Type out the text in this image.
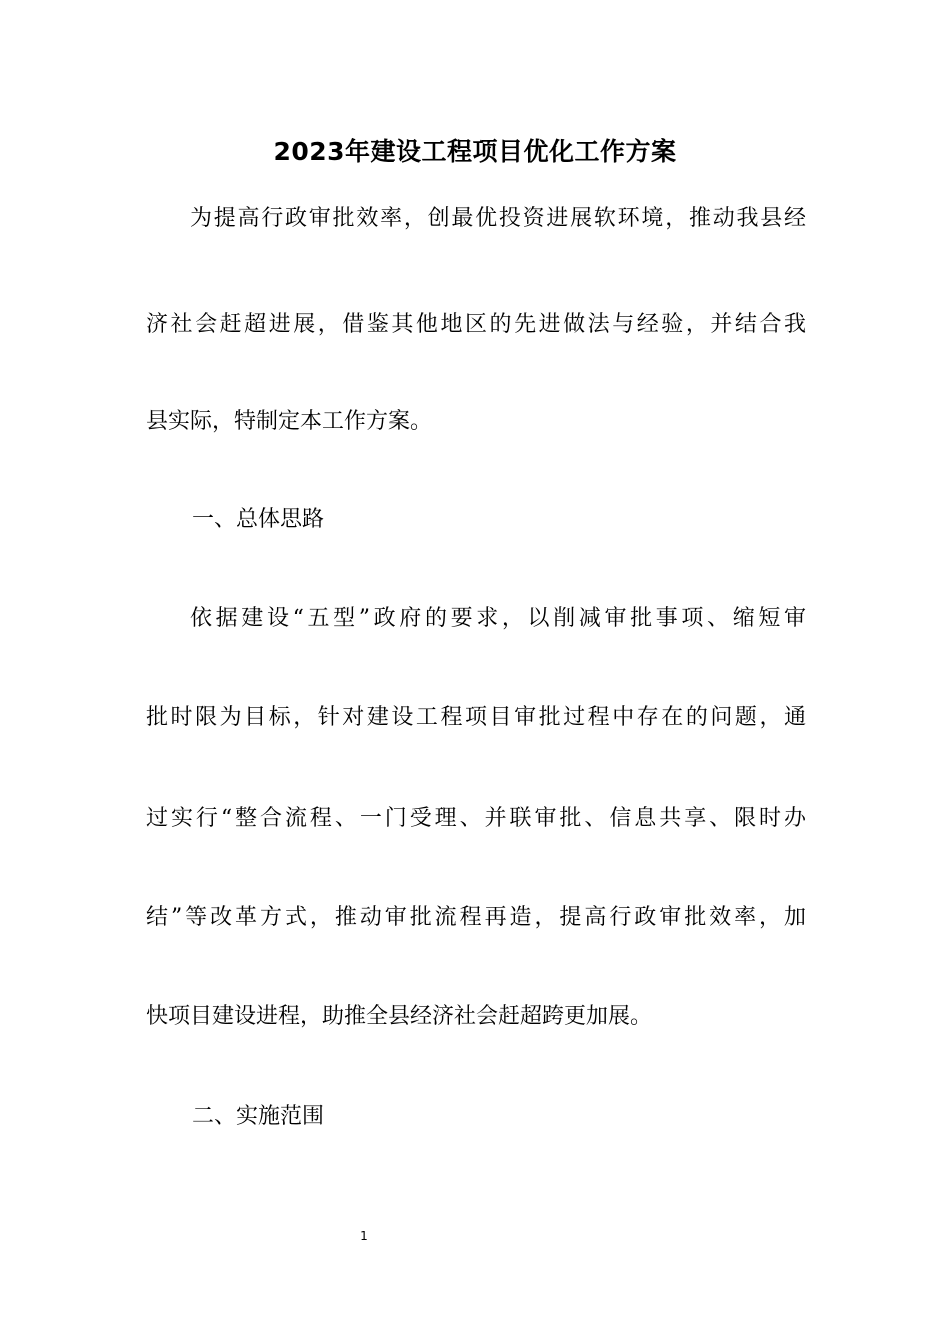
2023年建设工程项目优化工作方案

为提高行政审批效率，创最优投资进展软环境，推动我县经

济社会赶超进展，借鉴其他地区的先进做法与经验，并结合我

县实际，特制定本工作方案。

一、总体思路

依据建设“五型”政府的要求，以削减审批事项、缩短审

批时限为目标，针对建设工程项目审批过程中存在的问题，通

过实行“整合流程、一门受理、并联审批、信息共享、限时办

结”等改革方式，推动审批流程再造，提高行政审批效率，加

快项目建设进程，助推全县经济社会赶超跨更加展。

二、实施范围

1
